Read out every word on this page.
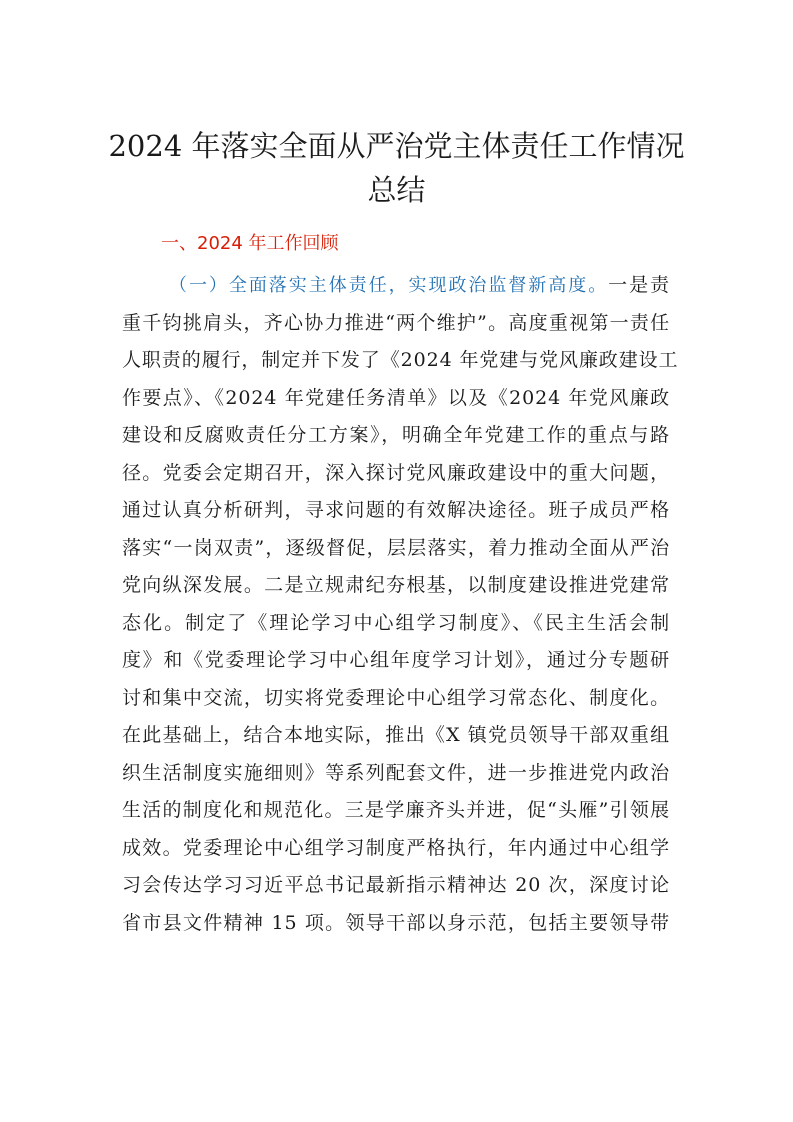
2024 年落实全面从严治党主体责任工作情况
总结
一、2024 年工作回顾
（一）全面落实主体责任，实现政治监督新高度。一是责
重千钧挑肩头，齐心协力推进“两个维护”。高度重视第一责任
人职责的履行，制定并下发了《2024 年党建与党风廉政建设工
作要点》、《2024 年党建任务清单》以及《2024 年党风廉政
建设和反腐败责任分工方案》，明确全年党建工作的重点与路
径。党委会定期召开，深入探讨党风廉政建设中的重大问题，
通过认真分析研判，寻求问题的有效解决途径。班子成员严格
落实“一岗双责”，逐级督促，层层落实，着力推动全面从严治
党向纵深发展。二是立规肃纪夯根基，以制度建设推进党建常
态化。制定了《理论学习中心组学习制度》、《民主生活会制
度》和《党委理论学习中心组年度学习计划》，通过分专题研
讨和集中交流，切实将党委理论中心组学习常态化、制度化。
在此基础上，结合本地实际，推出《X 镇党员领导干部双重组
织生活制度实施细则》等系列配套文件，进一步推进党内政治
生活的制度化和规范化。三是学廉齐头并进，促“头雁”引领展
成效。党委理论中心组学习制度严格执行，年内通过中心组学
习会传达学习习近平总书记最新指示精神达 20 次，深度讨论
省市县文件精神 15 项。领导干部以身示范，包括主要领导带
